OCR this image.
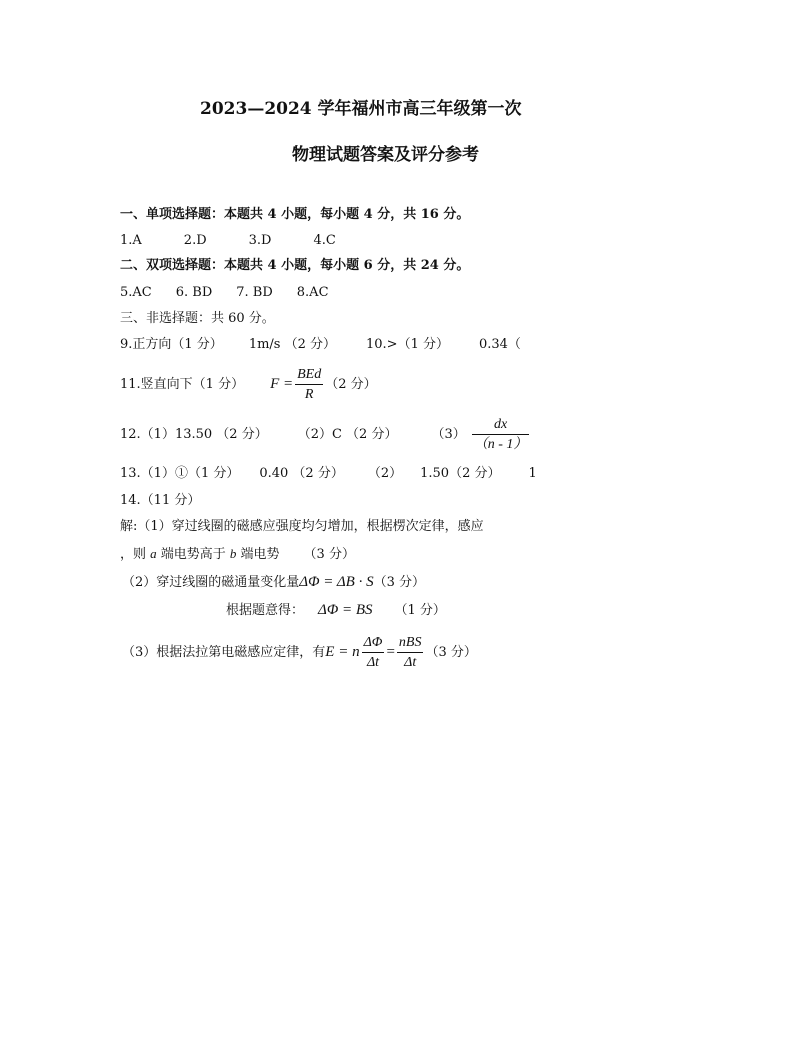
2023—2024 学年福州市高三年级第一次
物理试题答案及评分参考
一、单项选择题：本题共 4 小题，每小题 4 分，共 16 分。
1.A	2.D	3.D	4.C
二、双项选择题：本题共 4 小题，每小题 6 分，共 24 分。
5.AC 6. BD 7. BD 8.AC
三、非选择题：共 60 分。
9.正方向（1 分） 1m/s （2 分） 10.>（1 分） 0.34（
11.竖直向下（1 分） $F = \frac{\text{BEd}}{R} (2$ 分）
12.（1）13.50 （2 分） （2）C （2 分）	$(3) \frac{dx}{(n - 1)}$
13.（1）①（1 分） 0.40 （2 分） （2） 1.50（2 分） 1
14.（11 分）
解:（1）穿过线圈的磁感应强度均匀增加，根据楞次定律，感应
，则 a 端电势高于 b 端电势 （3 分）
（2）穿过线圈的磁通量变化量ΔΦ = ΔB · S（3 分）
根据题意得： ΔΦ = BS （1 分）
（3）根据法拉第电磁感应定律，有E = n $\frac{\Delta\Phi}{\Delta t} = \frac{\text{nBS}}{\Delta t} (3$ 分）
